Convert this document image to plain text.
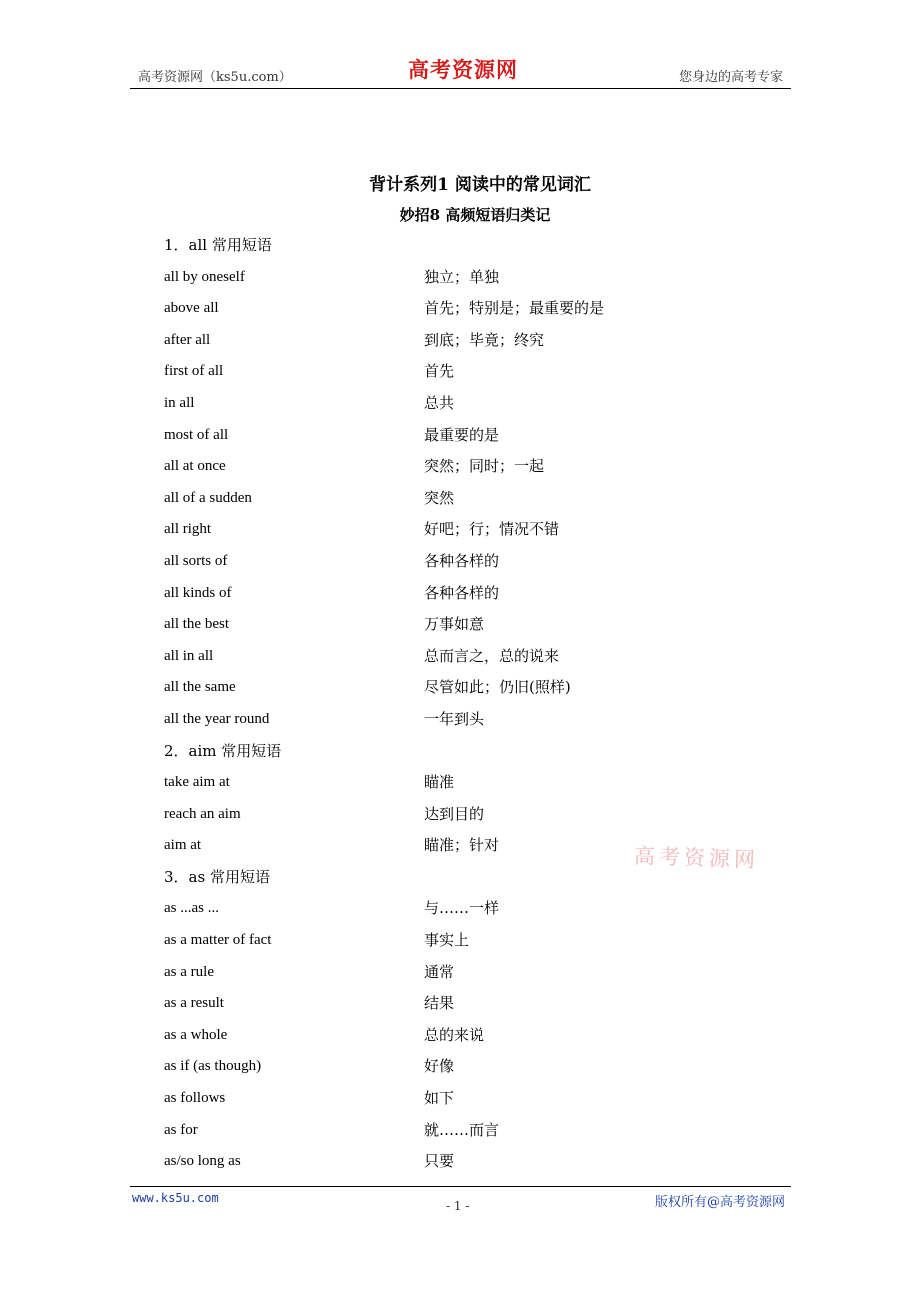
高考资源网（ks5u.com）	高考资源网	您身边的高考专家
背计系列1 阅读中的常见词汇
妙招8 高频短语归类记
1．all 常用短语
all by oneself	独立；单独
above all	首先；特别是；最重要的是
after all	到底；毕竟；终究
first of all	首先
in all	总共
most of all	最重要的是
all at once	突然；同时；一起
all of a sudden	突然
all right	好吧；行；情况不错
all sorts of	各种各样的
all kinds of	各种各样的
all the best	万事如意
all in all	总而言之，总的说来
all the same	尽管如此；仍旧(照样)
all the year round	一年到头
2．aim 常用短语
take aim at	瞄准
reach an aim	达到目的
aim at	瞄准；针对
3．as 常用短语
as ...as ...	与……一样
as a matter of fact	事实上
as a rule	通常
as a result	结果
as a whole	总的来说
as if (as though)	好像
as follows	如下
as for	就……而言
as/so long as	只要
高考资源网
www.ks5u.com
- 1 -	版权所有@高考资源网
